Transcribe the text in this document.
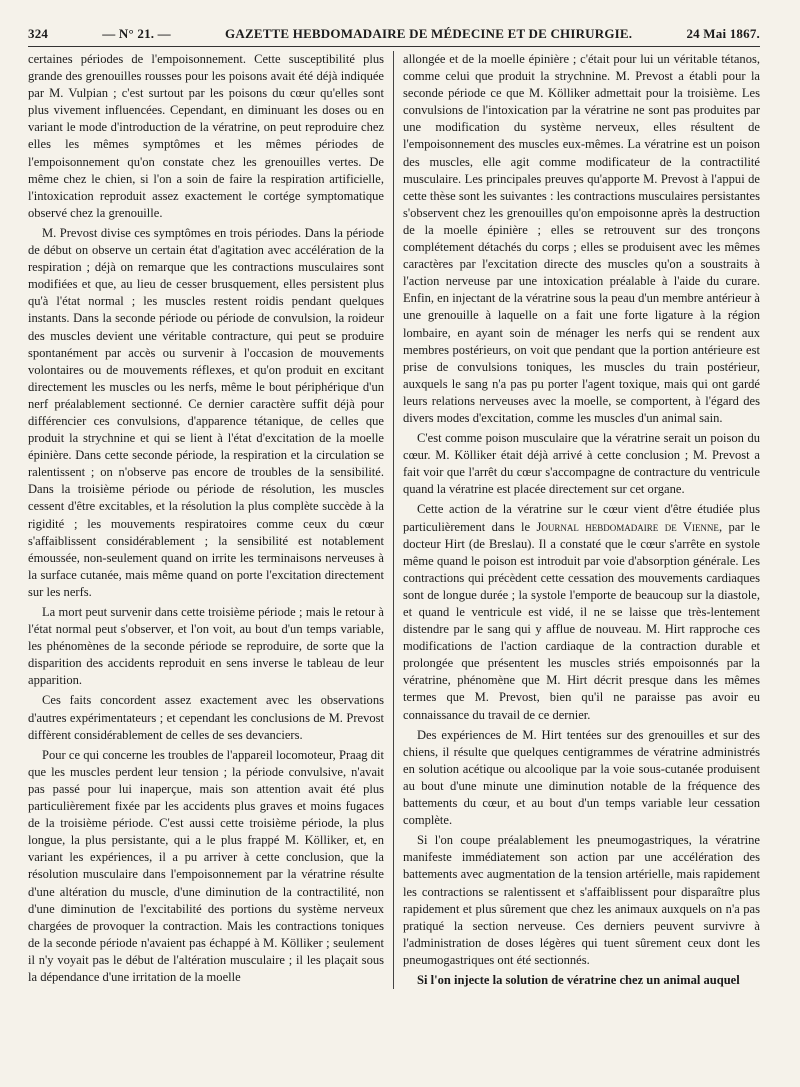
324	— N° 21. —	GAZETTE HEBDOMADAIRE DE MÉDECINE ET DE CHIRURGIE.	24 Mai 1867.

certaines périodes de l'empoisonnement. Cette susceptibilité plus grande des grenouilles rousses pour les poisons avait été déjà indiquée par M. Vulpian ; c'est surtout par les poisons du cœur qu'elles sont plus vivement influencées. Cependant, en diminuant les doses ou en variant le mode d'introduction de la vératrine, on peut reproduire chez elles les mêmes symptômes et les mêmes périodes de l'empoisonnement qu'on constate chez les grenouilles vertes. De même chez le chien, si l'on a soin de faire la respiration artificielle, l'intoxication reproduit assez exactement le cortége symptomatique observé chez la grenouille.

M. Prevost divise ces symptômes en trois périodes. Dans la période de début on observe un certain état d'agitation avec accélération de la respiration ; déjà on remarque que les contractions musculaires sont modifiées et que, au lieu de cesser brusquement, elles persistent plus qu'à l'état normal ; les muscles restent roidis pendant quelques instants. Dans la seconde période ou période de convulsion, la roideur des muscles devient une véritable contracture, qui peut se produire spontanément par accès ou survenir à l'occasion de mouvements volontaires ou de mouvements réflexes, et qu'on produit en excitant directement les muscles ou les nerfs, même le bout périphérique d'un nerf préalablement sectionné. Ce dernier caractère suffit déjà pour différencier ces convulsions, d'apparence tétanique, de celles que produit la strychnine et qui se lient à l'état d'excitation de la moelle épinière. Dans cette seconde période, la respiration et la circulation se ralentissent ; on n'observe pas encore de troubles de la sensibilité. Dans la troisième période ou période de résolution, les muscles cessent d'être excitables, et la résolution la plus complète succède à la rigidité ; les mouvements respiratoires comme ceux du cœur s'affaiblissent considérablement ; la sensibilité est notablement émoussée, non-seulement quand on irrite les terminaisons nerveuses à la surface cutanée, mais même quand on porte l'excitation directement sur les nerfs.

La mort peut survenir dans cette troisième période ; mais le retour à l'état normal peut s'observer, et l'on voit, au bout d'un temps variable, les phénomènes de la seconde période se reproduire, de sorte que la disparition des accidents reproduit en sens inverse le tableau de leur apparition.

Ces faits concordent assez exactement avec les observations d'autres expérimentateurs ; et cependant les conclusions de M. Prevost diffèrent considérablement de celles de ses devanciers.

Pour ce qui concerne les troubles de l'appareil locomoteur, Praag dit que les muscles perdent leur tension ; la période convulsive, n'avait pas passé pour lui inaperçue, mais son attention avait été plus particulièrement fixée par les accidents plus graves et moins fugaces de la troisième période. C'est aussi cette troisième période, la plus longue, la plus persistante, qui a le plus frappé M. Kölliker, et, en variant les expériences, il a pu arriver à cette conclusion, que la résolution musculaire dans l'empoisonnement par la vératrine résulte d'une altération du muscle, d'une diminution de la contractilité, non d'une diminution de l'excitabilité des portions du système nerveux chargées de provoquer la contraction. Mais les contractions toniques de la seconde période n'avaient pas échappé à M. Kölliker ; seulement il n'y voyait pas le début de l'altération musculaire ; il les plaçait sous la dépendance d'une irritation de la moelle

allongée et de la moelle épinière ; c'était pour lui un véritable tétanos, comme celui que produit la strychnine. M. Prevost a établi pour la seconde période ce que M. Kölliker admettait pour la troisième. Les convulsions de l'intoxication par la vératrine ne sont pas produites par une modification du système nerveux, elles résultent de l'empoisonnement des muscles eux-mêmes. La vératrine est un poison des muscles, elle agit comme modificateur de la contractilité musculaire. Les principales preuves qu'apporte M. Prevost à l'appui de cette thèse sont les suivantes : les contractions musculaires persistantes s'observent chez les grenouilles qu'on empoisonne après la destruction de la moelle épinière ; elles se retrouvent sur des tronçons complétement détachés du corps ; elles se produisent avec les mêmes caractères par l'excitation directe des muscles qu'on a soustraits à l'action nerveuse par une intoxication préalable à l'aide du curare. Enfin, en injectant de la vératrine sous la peau d'un membre antérieur à une grenouille à laquelle on a fait une forte ligature à la région lombaire, en ayant soin de ménager les nerfs qui se rendent aux membres postérieurs, on voit que pendant que la portion antérieure est prise de convulsions toniques, les muscles du train postérieur, auxquels le sang n'a pas pu porter l'agent toxique, mais qui ont gardé leurs relations nerveuses avec la moelle, se comportent, à l'égard des divers modes d'excitation, comme les muscles d'un animal sain.

C'est comme poison musculaire que la vératrine serait un poison du cœur. M. Kölliker était déjà arrivé à cette conclusion ; M. Prevost a fait voir que l'arrêt du cœur s'accompagne de contracture du ventricule quand la vératrine est placée directement sur cet organe.

Cette action de la vératrine sur le cœur vient d'être étudiée plus particulièrement dans le Journal hebdomadaire de Vienne, par le docteur Hirt (de Breslau). Il a constaté que le cœur s'arrête en systole même quand le poison est introduit par voie d'absorption générale. Les contractions qui précèdent cette cessation des mouvements cardiaques sont de longue durée ; la systole l'emporte de beaucoup sur la diastole, et quand le ventricule est vidé, il ne se laisse que très-lentement distendre par le sang qui y afflue de nouveau. M. Hirt rapproche ces modifications de l'action cardiaque de la contraction durable et prolongée que présentent les muscles striés empoisonnés par la vératrine, phénomène que M. Hirt décrit presque dans les mêmes termes que M. Prevost, bien qu'il ne paraisse pas avoir eu connaissance du travail de ce dernier.

Des expériences de M. Hirt tentées sur des grenouilles et sur des chiens, il résulte que quelques centigrammes de vératrine administrés en solution acétique ou alcoolique par la voie sous-cutanée produisent au bout d'une minute une diminution notable de la fréquence des battements du cœur, et au bout d'un temps variable leur cessation complète.

Si l'on coupe préalablement les pneumogastriques, la vératrine manifeste immédiatement son action par une accélération des battements avec augmentation de la tension artérielle, mais rapidement les contractions se ralentissent et s'affaiblissent pour disparaître plus rapidement et plus sûrement que chez les animaux auxquels on n'a pas pratiqué la section nerveuse. Ces derniers peuvent survivre à l'administration de doses légères qui tuent sûrement ceux dont les pneumogastriques ont été sectionnés.

Si l'on injecte la solution de vératrine chez un animal auquel
